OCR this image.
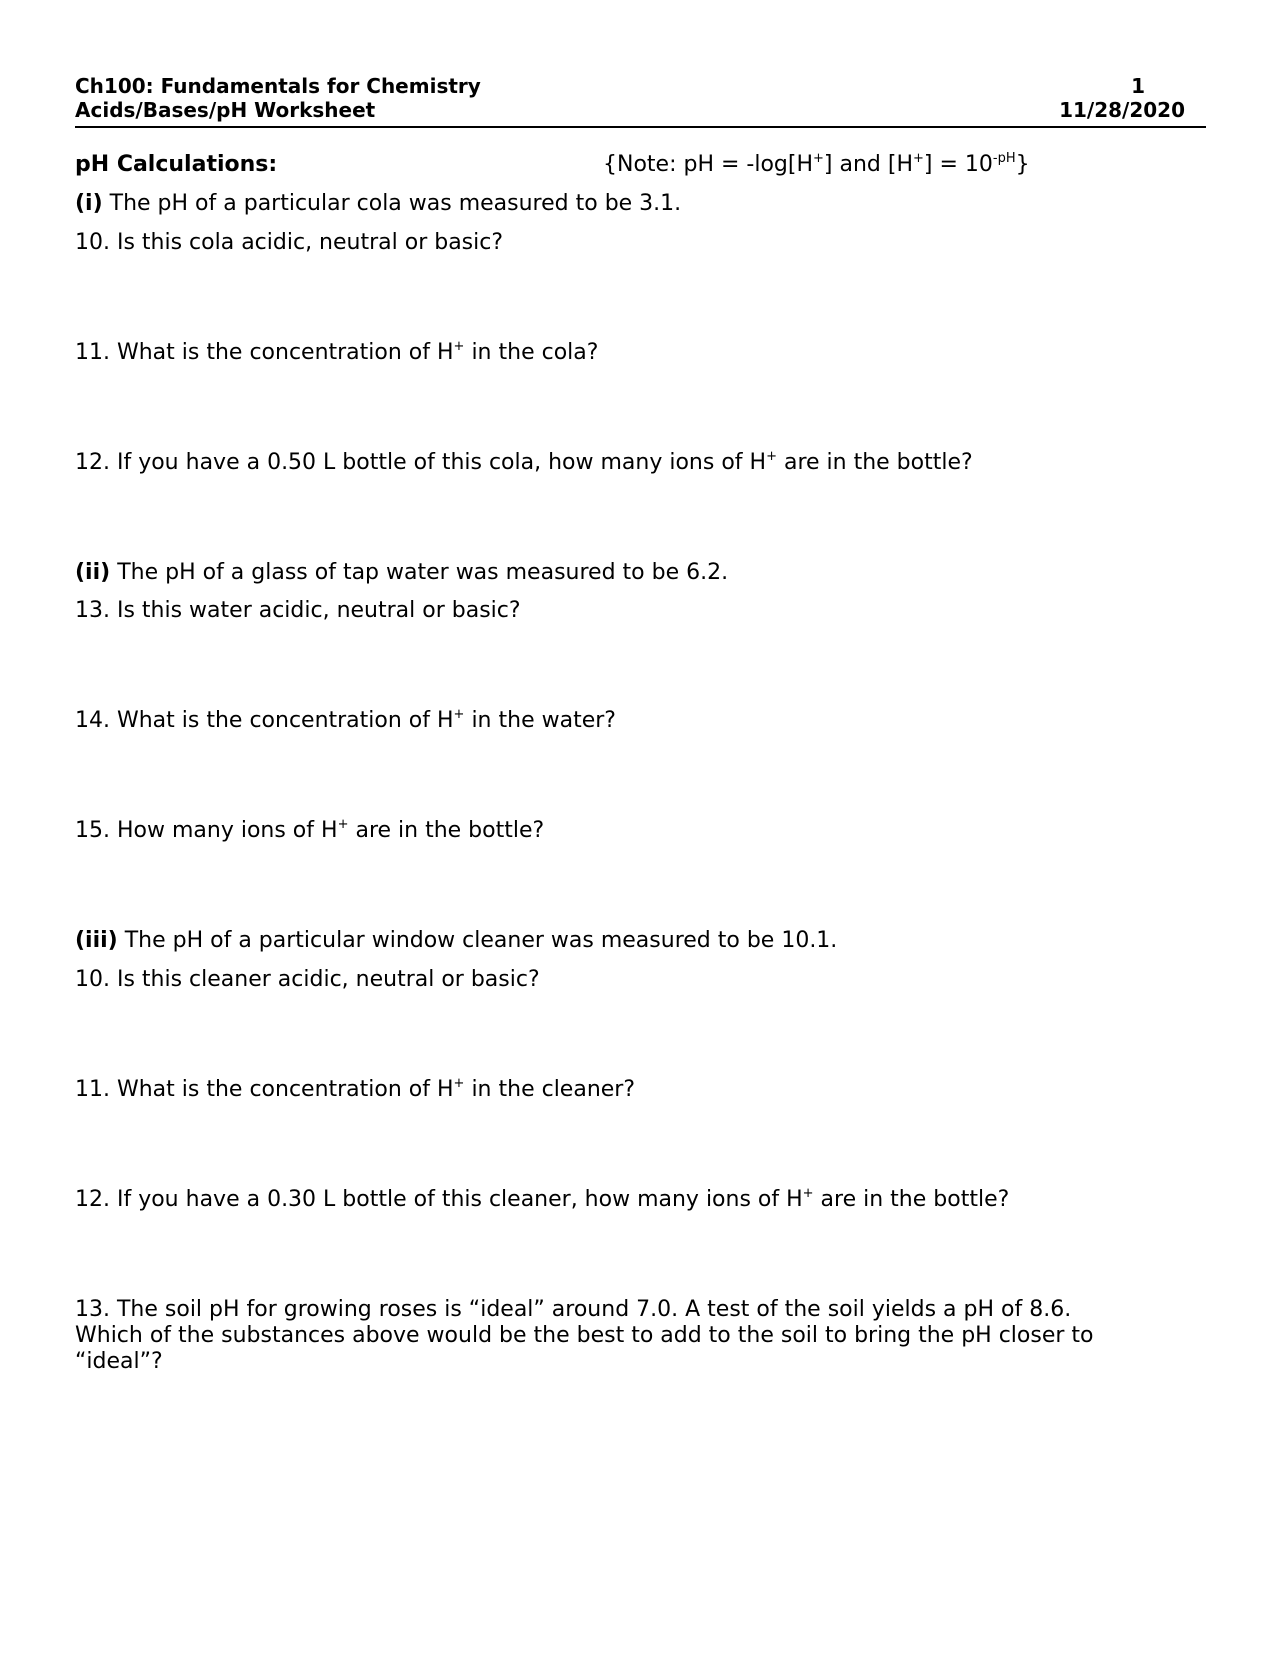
Ch100: Fundamentals for Chemistry
Acids/Bases/pH Worksheet
1
11/28/2020
pH Calculations:	{Note: pH = -log[H+] and $[H^+] = 10^{-pH}$}
(i) The pH of a particular cola was measured to be 3.1.
10. Is this cola acidic, neutral or basic?
11. What is the concentration of H+ in the cola?
12. If you have a 0.50 L bottle of this cola, how many ions of H+ are in the bottle?
(ii) The pH of a glass of tap water was measured to be 6.2.
13. Is this water acidic, neutral or basic?
14. What is the concentration of H+ in the water?
15. How many ions of H+ are in the bottle?
(iii) The pH of a particular window cleaner was measured to be 10.1.
10. Is this cleaner acidic, neutral or basic?
11. What is the concentration of H+ in the cleaner?
12. If you have a 0.30 L bottle of this cleaner, how many ions of H+ are in the bottle?
13. The soil pH for growing roses is “ideal” around 7.0. A test of the soil yields a pH of 8.6.
Which of the substances above would be the best to add to the soil to bring the pH closer to
“ideal”?
